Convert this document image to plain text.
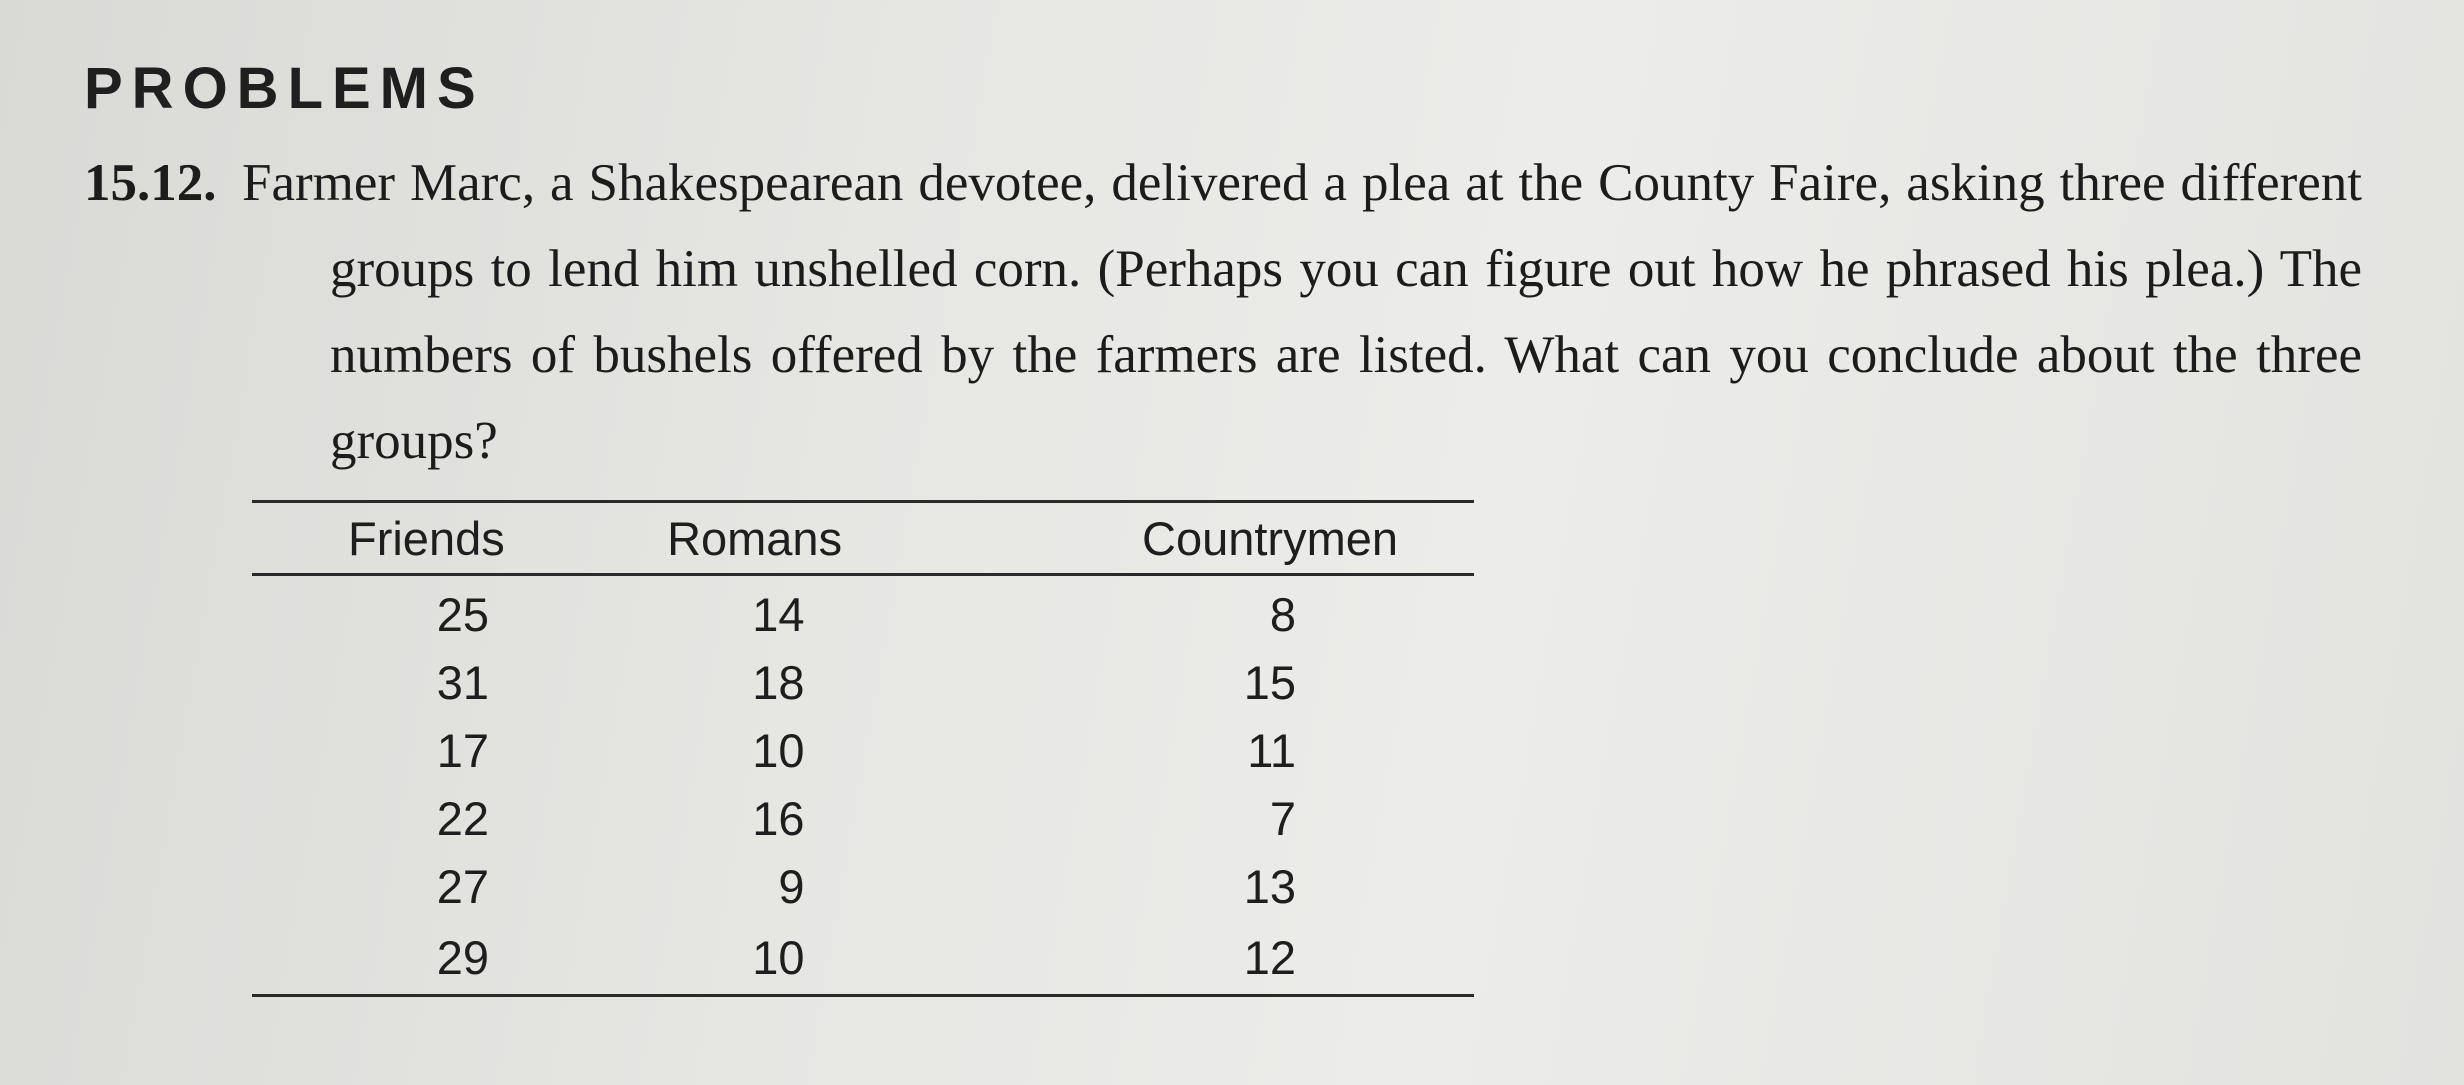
PROBLEMS
15.12. Farmer Marc, a Shakespearean devotee, delivered a plea at the County Faire, asking three different groups to lend him unshelled corn. (Perhaps you can figure out how he phrased his plea.) The numbers of bushels offered by the farmers are listed. What can you conclude about the three groups?

Friends	Romans	Countrymen
25	14	8
31	18	15
17	10	11
22	16	7
27	9	13
29	10	12
